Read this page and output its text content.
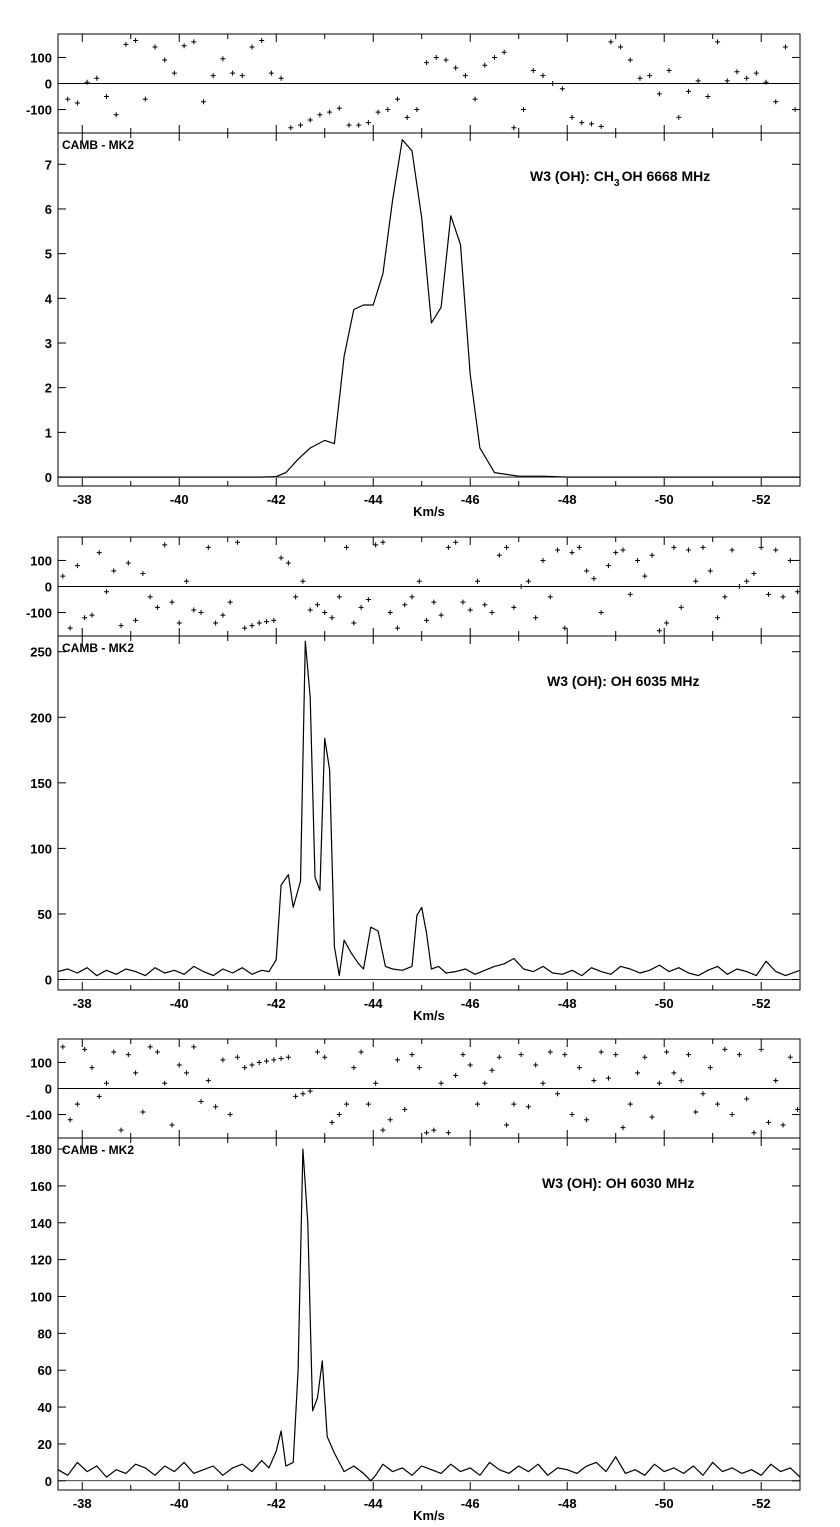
100
0
-100
0
1
2
3
4
5
6
7
-38	-40	-42	-44	-46	-48	-50	-52
Km/s
CAMB - MK2
W3 (OH): $CH_3$ OH 6668 MHz
100
0
-100
0
50
100
150
200
250
-38	-40	-42	-44	-46	-48	-50	-52
Km/s
CAMB - MK2
W3 (OH): OH 6035 MHz
100
0
-100
0
20
40
60
80
100
120
140
160
180
-38	-40	-42	-44	-46	-48	-50	-52
Km/s
CAMB - MK2
W3 (OH): OH 6030 MHz
